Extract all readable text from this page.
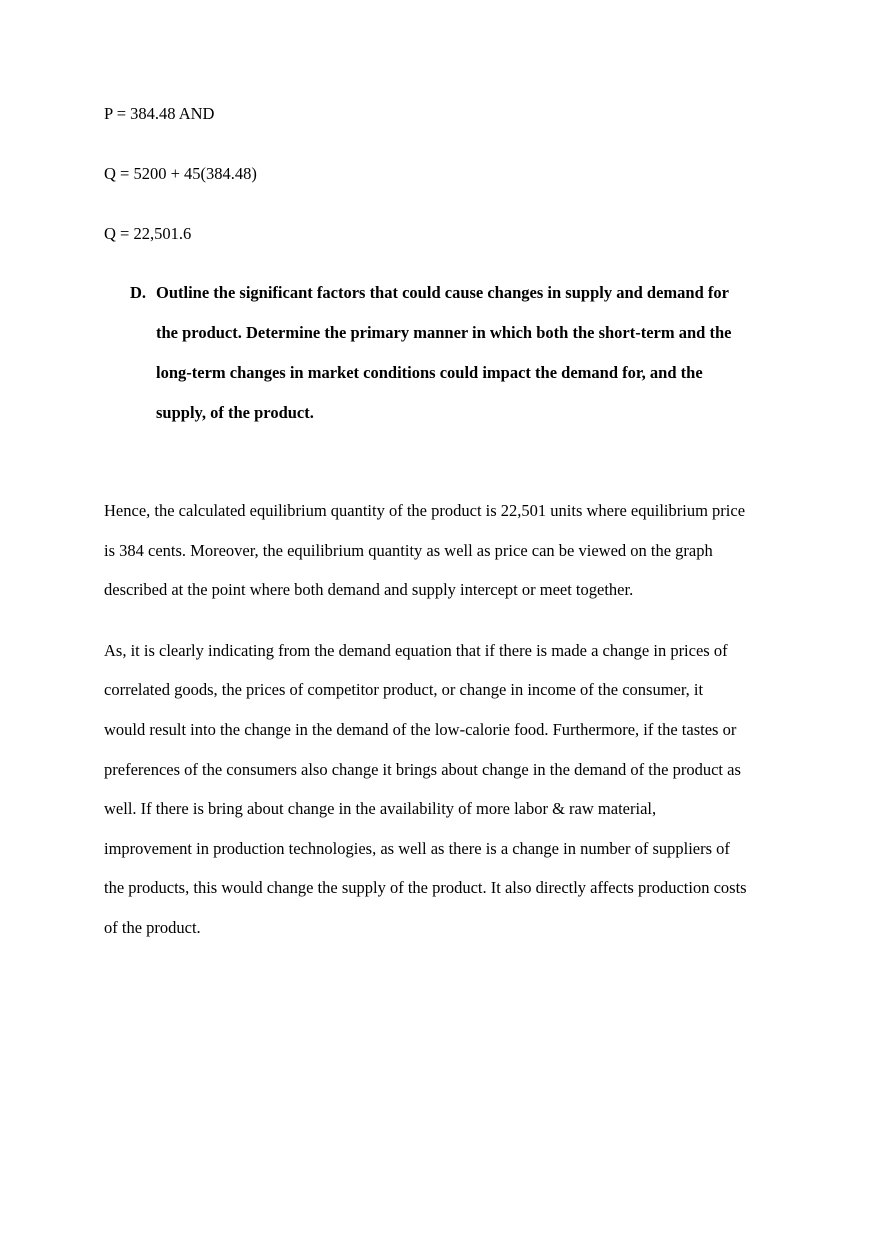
P = 384.48 AND
Q = 5200 + 45(384.48)
Q = 22,501.6
D. Outline the significant factors that could cause changes in supply and demand for
the product. Determine the primary manner in which both the short-term and the
long-term changes in market conditions could impact the demand for, and the
supply, of the product.
Hence, the calculated equilibrium quantity of the product is 22,501 units where equilibrium price
is 384 cents. Moreover, the equilibrium quantity as well as price can be viewed on the graph
described at the point where both demand and supply intercept or meet together.
As, it is clearly indicating from the demand equation that if there is made a change in prices of
correlated goods, the prices of competitor product, or change in income of the consumer, it
would result into the change in the demand of the low-calorie food. Furthermore, if the tastes or
preferences of the consumers also change it brings about change in the demand of the product as
well. If there is bring about change in the availability of more labor & raw material,
improvement in production technologies, as well as there is a change in number of suppliers of
the products, this would change the supply of the product. It also directly affects production costs
of the product.
